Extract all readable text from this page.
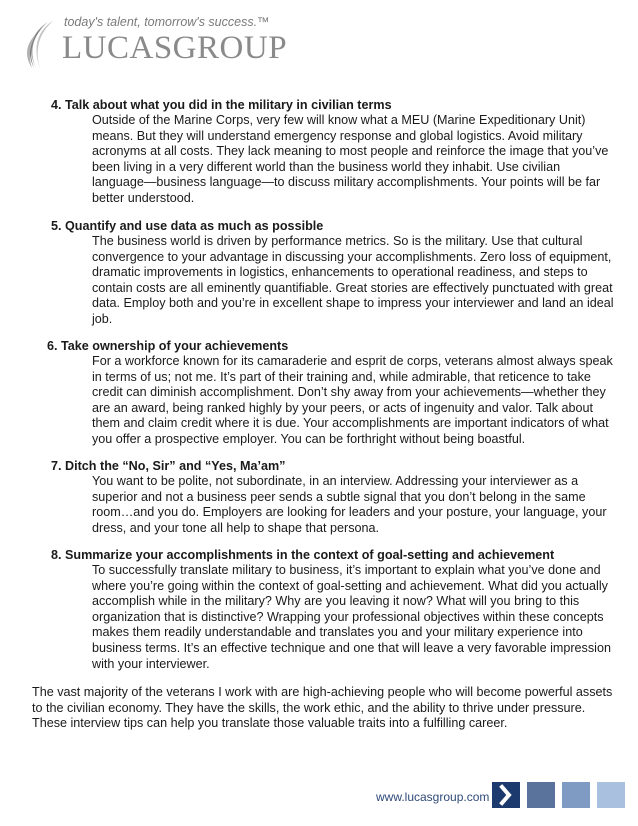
today's talent, tomorrow's success.™
LUCASGROUP
4. Talk about what you did in the military in civilian terms
Outside of the Marine Corps, very few will know what a MEU (Marine Expeditionary Unit) means. But they will understand emergency response and global logistics. Avoid military acronyms at all costs. They lack meaning to most people and reinforce the image that you’ve been living in a very different world than the business world they inhabit. Use civilian language—business language—to discuss military accomplishments. Your points will be far better understood.
5. Quantify and use data as much as possible
The business world is driven by performance metrics. So is the military. Use that cultural convergence to your advantage in discussing your accomplishments. Zero loss of equipment, dramatic improvements in logistics, enhancements to operational readiness, and steps to contain costs are all eminently quantifiable. Great stories are effectively punctuated with great data. Employ both and you’re in excellent shape to impress your interviewer and land an ideal job.
6. Take ownership of your achievements
For a workforce known for its camaraderie and esprit de corps, veterans almost always speak in terms of us; not me. It’s part of their training and, while admirable, that reticence to take credit can diminish accomplishment. Don’t shy away from your achievements—whether they are an award, being ranked highly by your peers, or acts of ingenuity and valor. Talk about them and claim credit where it is due. Your accomplishments are important indicators of what you offer a prospective employer. You can be forthright without being boastful.
7. Ditch the “No, Sir” and “Yes, Ma’am”
You want to be polite, not subordinate, in an interview. Addressing your interviewer as a superior and not a business peer sends a subtle signal that you don’t belong in the same room…and you do. Employers are looking for leaders and your posture, your language, your dress, and your tone all help to shape that persona.
8. Summarize your accomplishments in the context of goal-setting and achievement
To successfully translate military to business, it’s important to explain what you’ve done and where you’re going within the context of goal-setting and achievement. What did you actually accomplish while in the military? Why are you leaving it now? What will you bring to this organization that is distinctive? Wrapping your professional objectives within these concepts makes them readily understandable and translates you and your military experience into business terms. It’s an effective technique and one that will leave a very favorable impression with your interviewer.
The vast majority of the veterans I work with are high-achieving people who will become powerful assets to the civilian economy. They have the skills, the work ethic, and the ability to thrive under pressure. These interview tips can help you translate those valuable traits into a fulfilling career.
www.lucasgroup.com
